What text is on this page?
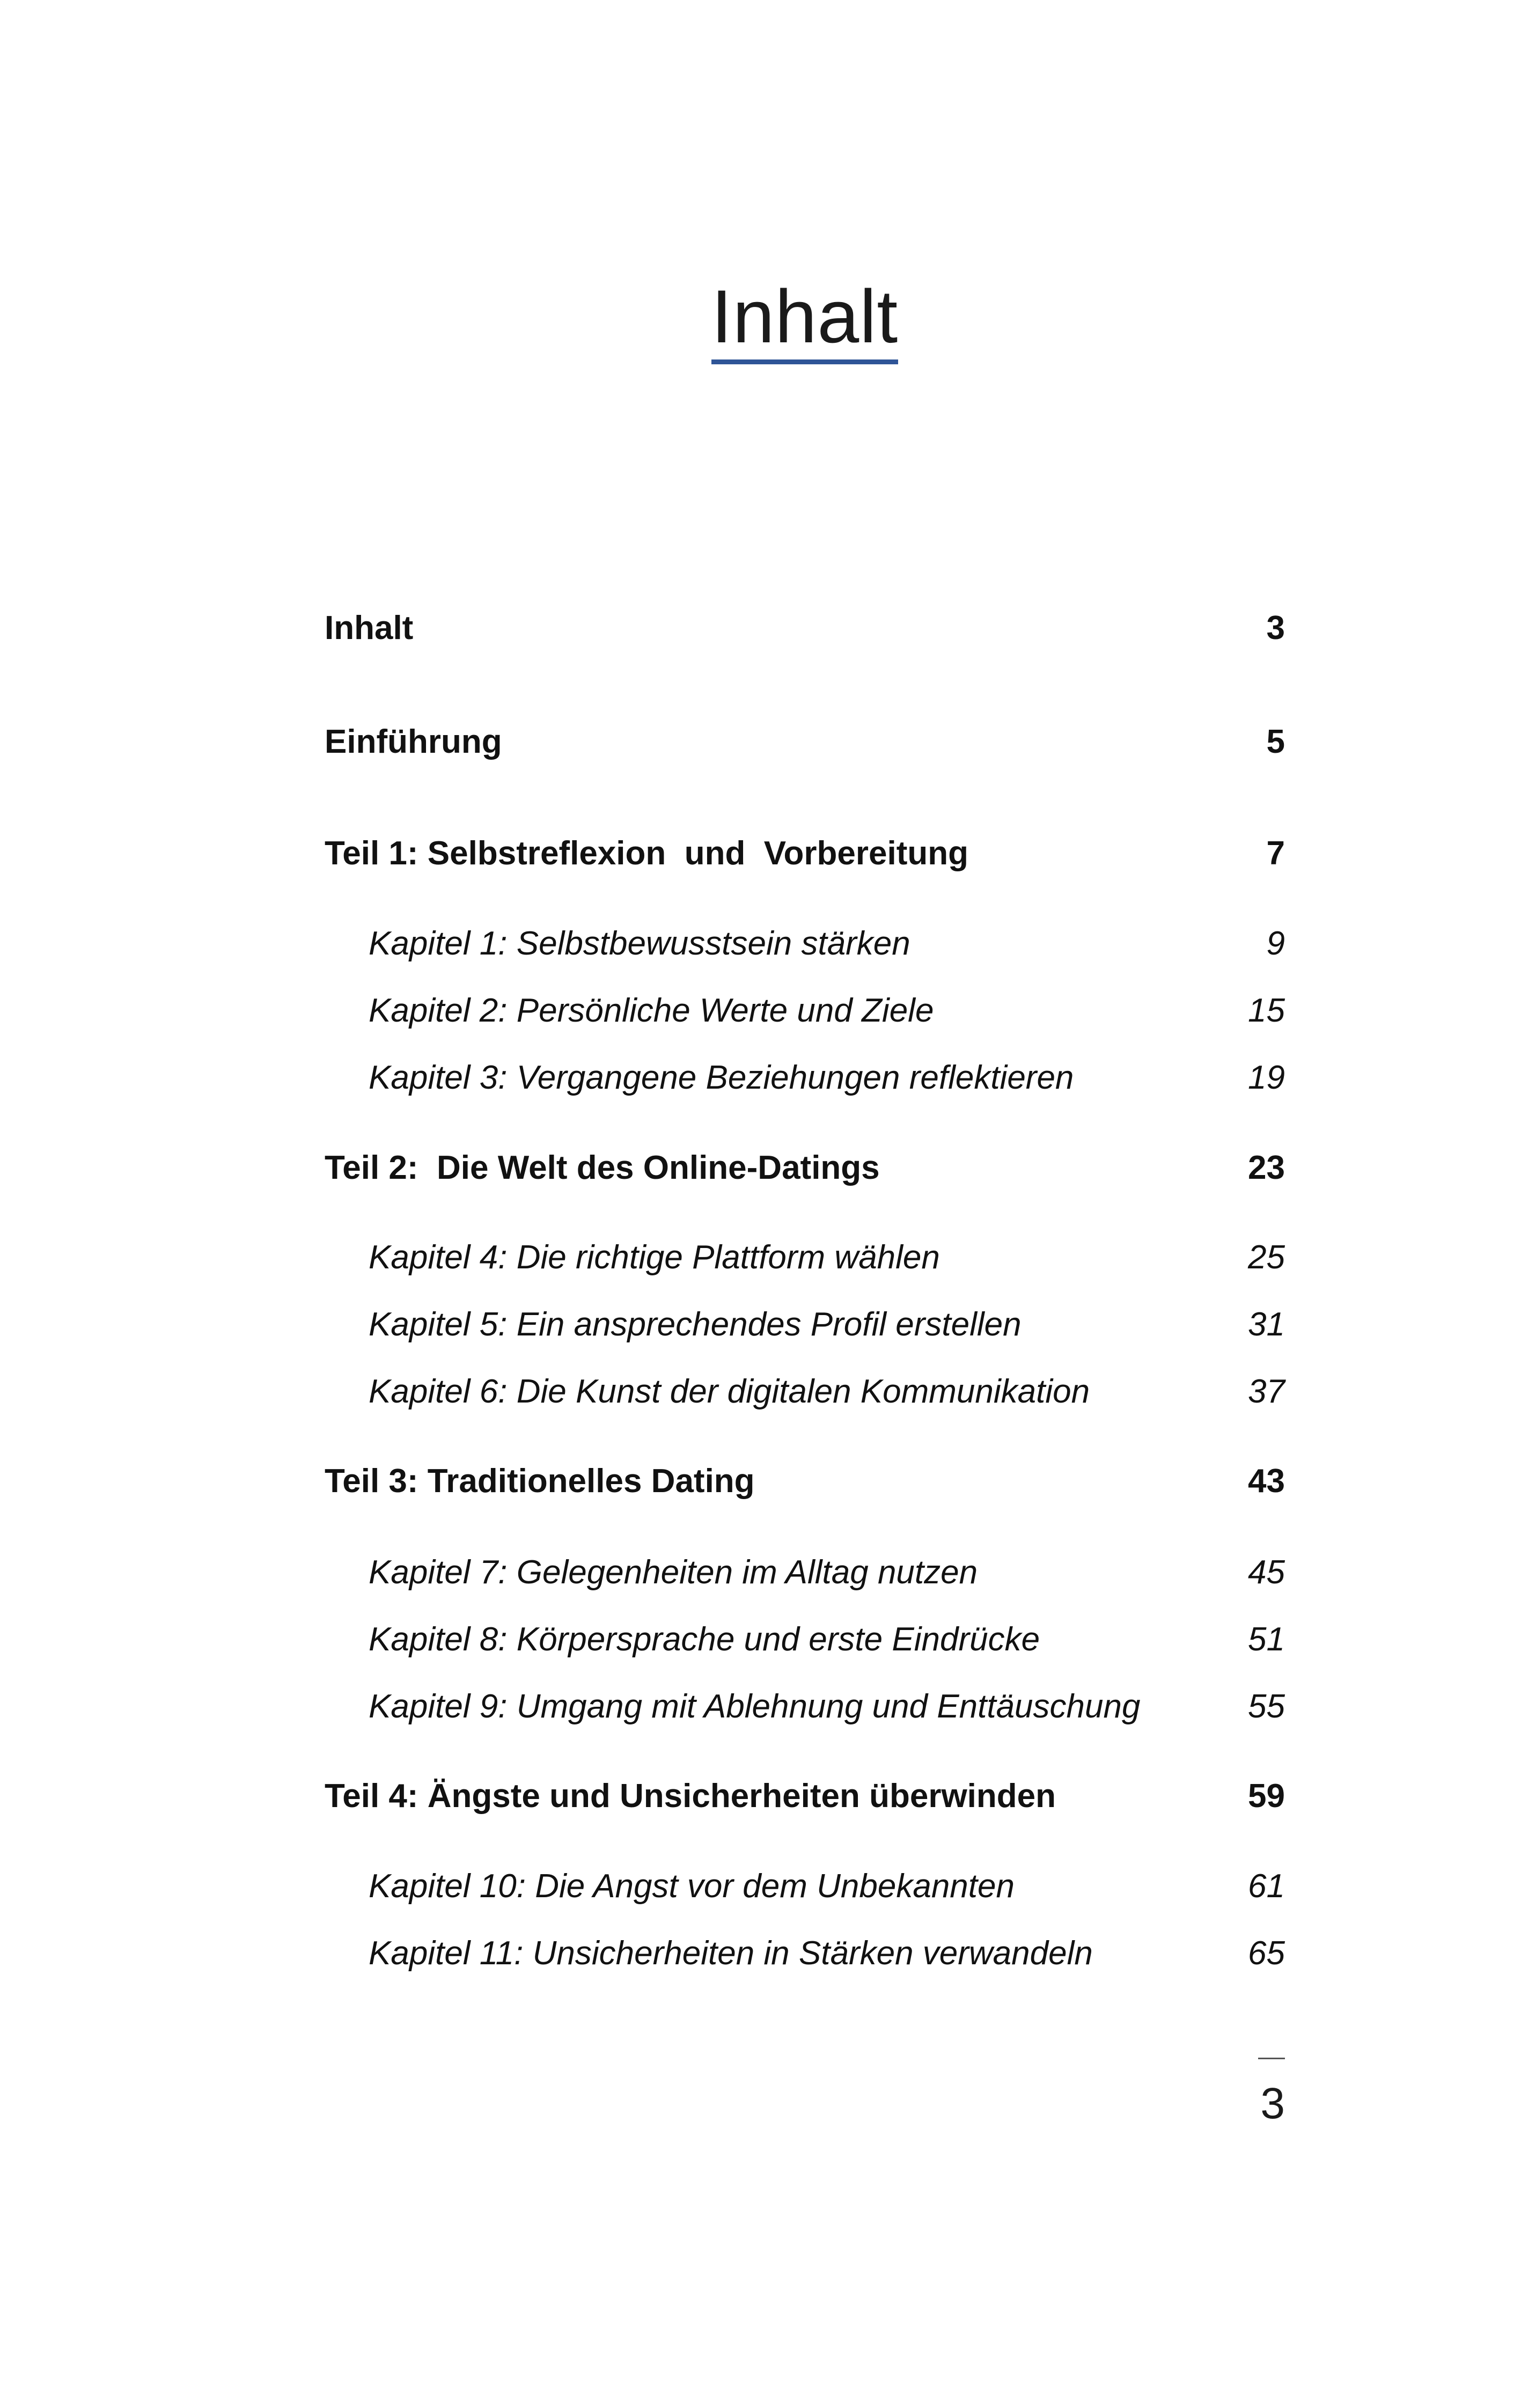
Inhalt
Inhalt	3
Einführung	5
Teil 1: Selbstreflexion  und  Vorbereitung	7
Kapitel 1: Selbstbewusstsein stärken	9
Kapitel 2: Persönliche Werte und Ziele	15
Kapitel 3: Vergangene Beziehungen reflektieren	19
Teil 2:  Die Welt des Online-Datings	23
Kapitel 4: Die richtige Plattform wählen	25
Kapitel 5: Ein ansprechendes Profil erstellen	31
Kapitel 6: Die Kunst der digitalen Kommunikation	37
Teil 3: Traditionelles Dating	43
Kapitel 7: Gelegenheiten im Alltag nutzen	45
Kapitel 8: Körpersprache und erste Eindrücke	51
Kapitel 9: Umgang mit Ablehnung und Enttäuschung	55
Teil 4: Ängste und Unsicherheiten überwinden	59
Kapitel 10: Die Angst vor dem Unbekannten	61
Kapitel 11: Unsicherheiten in Stärken verwandeln	65
3
